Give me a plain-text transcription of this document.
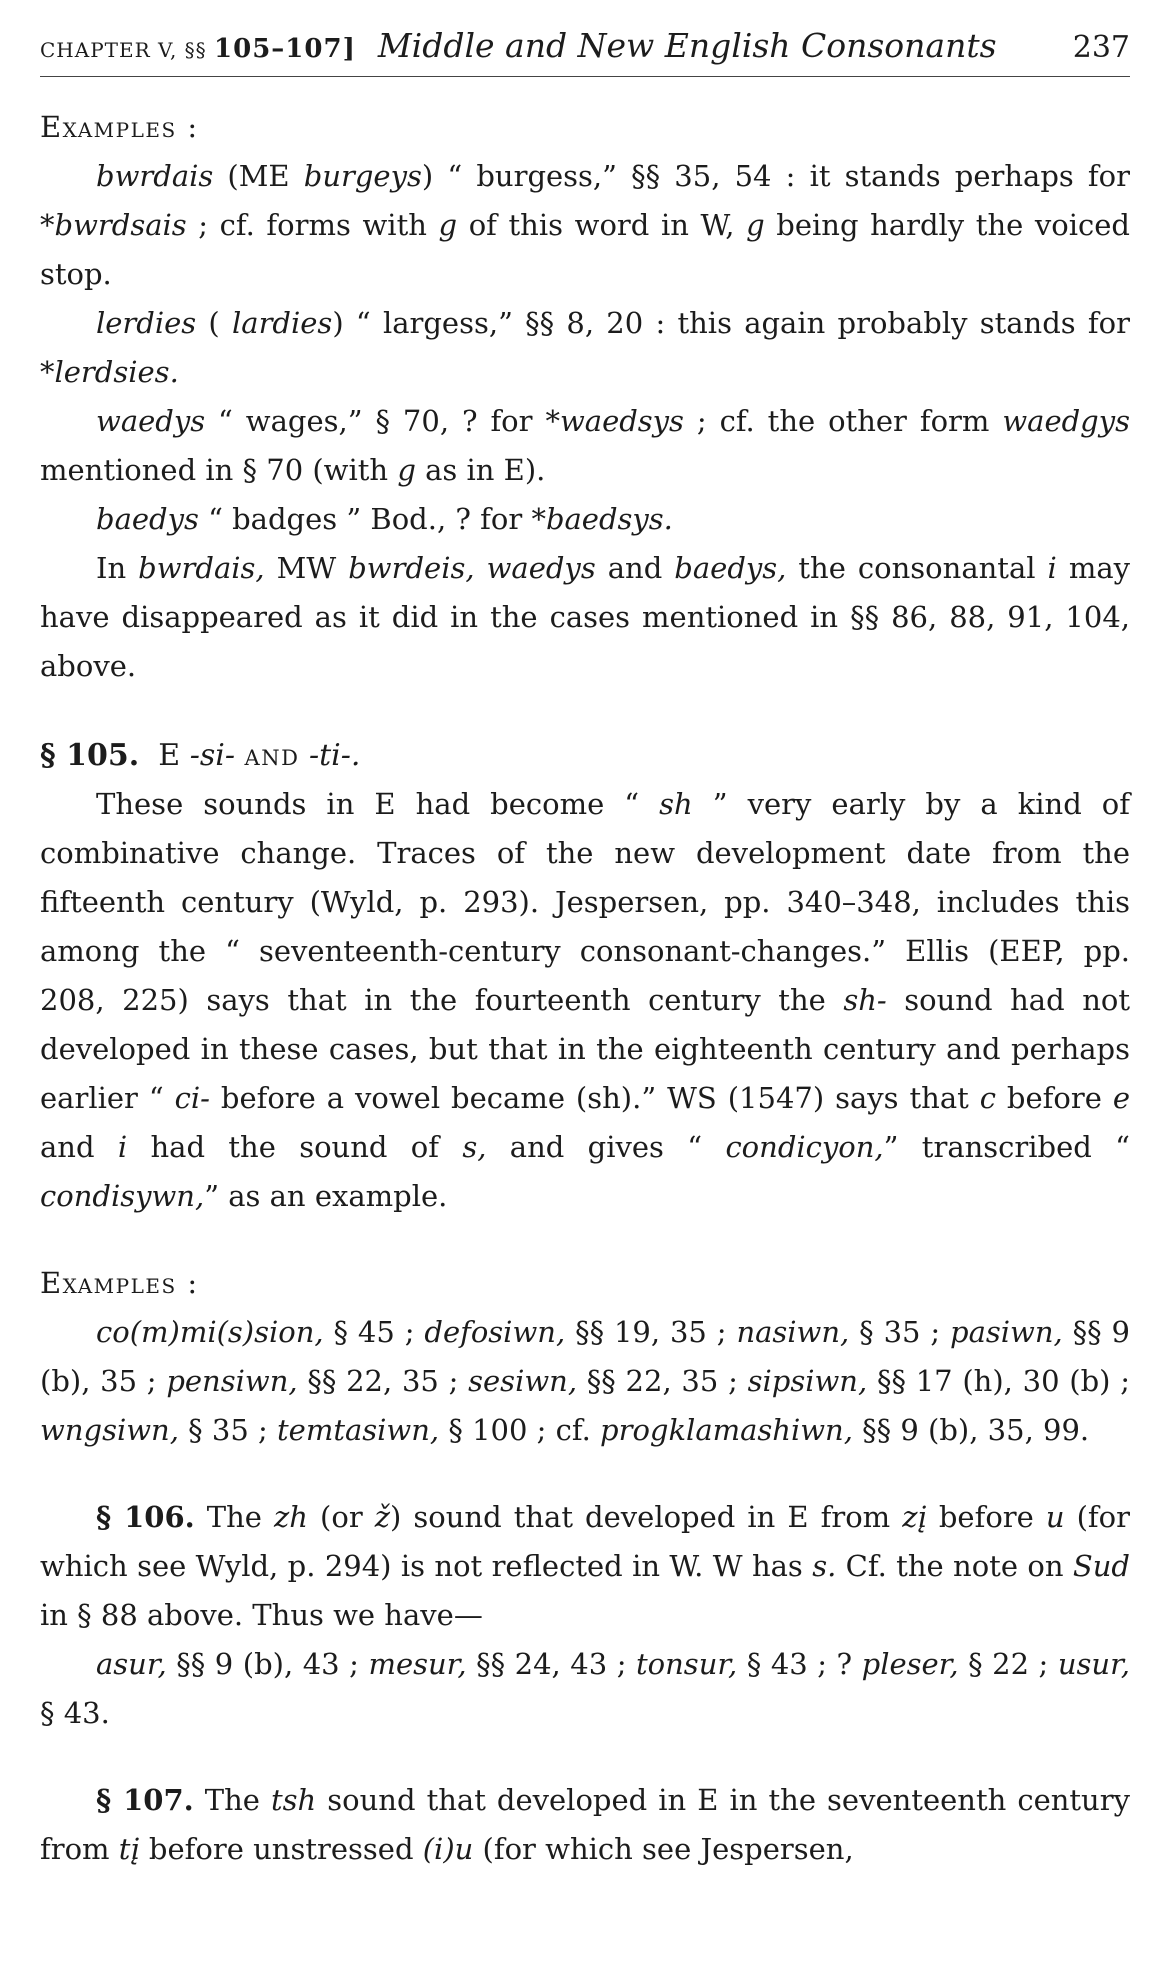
CHAPTER V, §§ 105–107] Middle and New English Consonants	237

Examples :

bwrdais (ME burgeys) “ burgess,” §§ 35, 54 : it stands perhaps for *bwrdsais ; cf. forms with g of this word in W, g being hardly the voiced stop.

lerdies ( lardies) “ largess,” §§ 8, 20 : this again probably stands for *lerdsies.

waedys “ wages,” § 70, ? for *waedsys ; cf. the other form waedgys mentioned in § 70 (with g as in E).

baedys “ badges ” Bod., ? for *baedsys.

In bwrdais, MW bwrdeis, waedys and baedys, the consonantal i may have disappeared as it did in the cases mentioned in §§ 86, 88, 91, 104, above.

§ 105. E -si- and -ti-.

These sounds in E had become “ sh ” very early by a kind of combinative change. Traces of the new development date from the fifteenth century (Wyld, p. 293). Jespersen, pp. 340–348, includes this among the “ seventeenth-century consonant-changes.” Ellis (EEP, pp. 208, 225) says that in the fourteenth century the sh- sound had not developed in these cases, but that in the eighteenth century and perhaps earlier “ ci- before a vowel became (sh).” WS (1547) says that c before e and i had the sound of s, and gives “ condicyon,” transcribed “ condisywn,” as an example.

Examples :

co(m)mi(s)sion, § 45 ; defosiwn, §§ 19, 35 ; nasiwn, § 35 ; pasiwn, §§ 9 (b), 35 ; pensiwn, §§ 22, 35 ; sesiwn, §§ 22, 35 ; sipsiwn, §§ 17 (h), 30 (b) ; wngsiwn, § 35 ; temtasiwn, § 100 ; cf. progklamashiwn, §§ 9 (b), 35, 99.

§ 106. The zh (or ž) sound that developed in E from zį before u (for which see Wyld, p. 294) is not reflected in W. W has s. Cf. the note on Sud in § 88 above. Thus we have—

asur, §§ 9 (b), 43 ; mesur, §§ 24, 43 ; tonsur, § 43 ; ? pleser, § 22 ; usur, § 43.

§ 107. The tsh sound that developed in E in the seventeenth century from tį before unstressed (i)u (for which see Jespersen,
